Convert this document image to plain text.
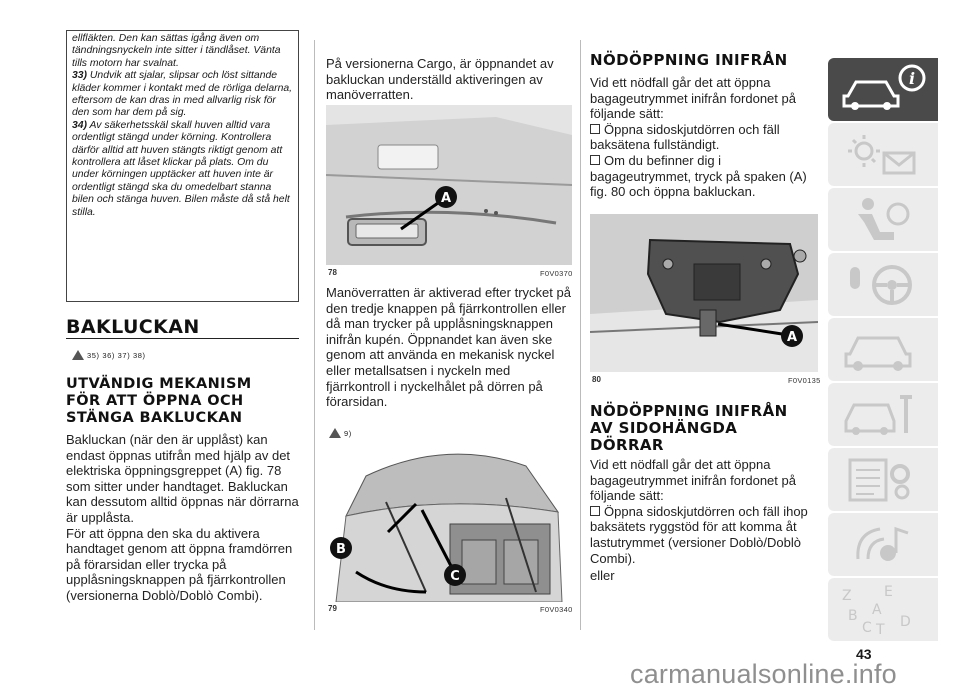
ellfläkten. Den kan sättas igång även om tändningsnyckeln inte sitter i tändlåset. Vänta tills motorn har svalnat.

33) Undvik att sjalar, slipsar och löst sittande kläder kommer i kontakt med de rörliga delarna, eftersom de kan dras in med allvarlig risk för den som har dem på sig.

34) Av säkerhetsskäl skall huven alltid vara ordentligt stängd under körning. Kontrollera därför alltid att huven stängts riktigt genom att kontrollera att låset klickar på plats. Om du under körningen upptäcker att huven inte är ordentligt stängd ska du omedelbart stanna bilen och stänga huven. Bilen måste då stå helt stilla.

BAKLUCKAN
35) 36) 37) 38)
UTVÄNDIG MEKANISM
FÖR ATT ÖPPNA OCH
STÄNGA BAKLUCKAN

Bakluckan (när den är upplåst) kan endast öppnas utifrån med hjälp av det elektriska öppningsgreppet (A) fig. 78 som sitter under handtaget. Bakluckan kan dessutom alltid öppnas när dörrarna är upplåsta.

För att öppna den ska du aktivera handtaget genom att öppna framdörren på förarsidan eller trycka på upplåsningsknappen på fjärrkontrollen (versionerna Doblò/Doblò Combi).

På versionerna Cargo, är öppnandet av bakluckan underställd aktiveringen av manöverratten.
A
78	F0V0370
Manöverratten är aktiverad efter trycket på den tredje knappen på fjärrkontrollen eller då man trycker på upplåsningsknappen inifrån kupén. Öppnandet kan även ske genom att använda en mekanisk nyckel eller metallsatsen i nyckeln med fjärrkontroll i nyckelhålet på dörren på förarsidan.
9)
B
C
79	F0V0340
NÖDÖPPNING INIFRÅN

Vid ett nödfall går det att öppna bagageutrymmet inifrån fordonet på följande sätt:

Öppna sidoskjutdörren och fäll baksätena fullständigt.

Om du befinner dig i bagageutrymmet, tryck på spaken (A) fig. 80 och öppna bakluckan.

A
80	F0V0135
NÖDÖPPNING INIFRÅN
AV SIDOHÄNGDA
DÖRRAR

Vid ett nödfall går det att öppna bagageutrymmet inifrån fordonet på följande sätt:

Öppna sidoskjutdörren och fäll ihop baksätets ryggstöd för att komma åt lastutrymmet (versioner Doblò/Doblò Combi).

eller

i
Z E
B
C T D
A
43
carmanualsonline.info
